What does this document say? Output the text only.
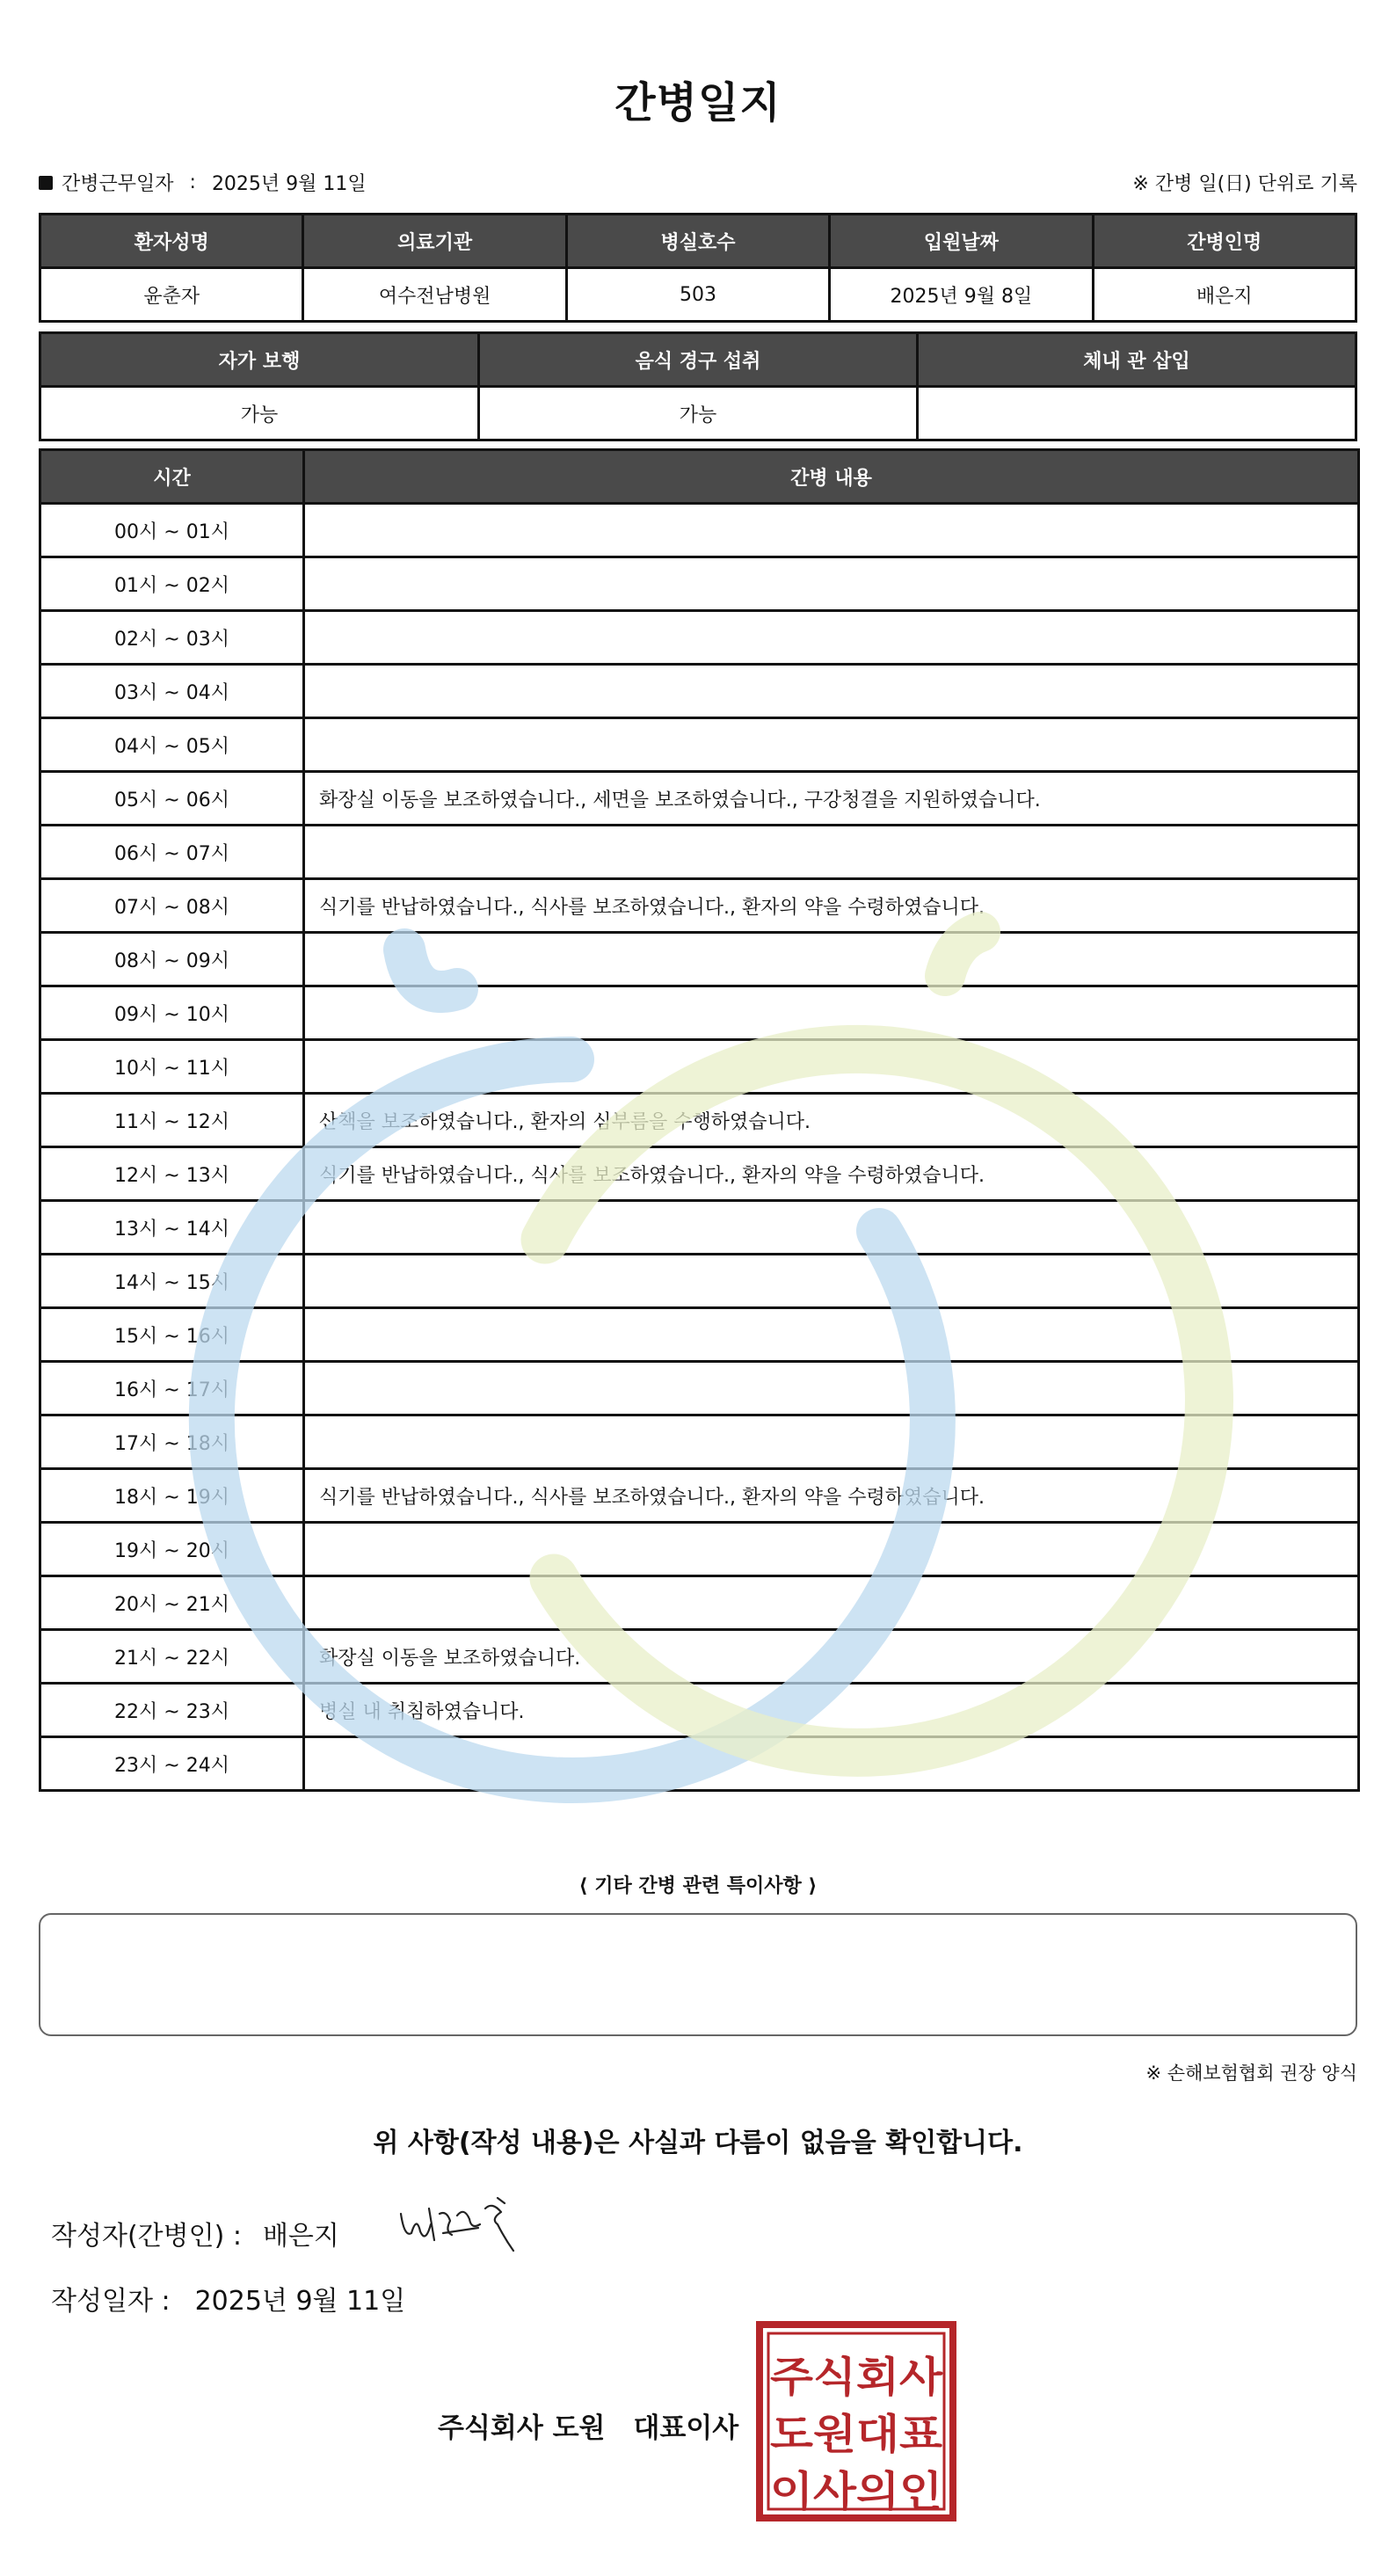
간병일지
간병근무일자 : 2025년 9월 11일	※ 간병 일(日) 단위로 기록
환자성명	의료기관	병실호수	입원날짜	간병인명
윤춘자	여수전남병원	503	2025년 9월 8일	배은지
자가 보행	음식 경구 섭취	체내 관 삽입
가능	가능	
시간	간병 내용
00시 ~ 01시	
01시 ~ 02시	
02시 ~ 03시	
03시 ~ 04시	
04시 ~ 05시	
05시 ~ 06시	화장실 이동을 보조하였습니다., 세면을 보조하였습니다., 구강청결을 지원하였습니다.
06시 ~ 07시	
07시 ~ 08시	식기를 반납하였습니다., 식사를 보조하였습니다., 환자의 약을 수령하였습니다.
08시 ~ 09시	
09시 ~ 10시	
10시 ~ 11시	
11시 ~ 12시	산책을 보조하였습니다., 환자의 심부름을 수행하였습니다.
12시 ~ 13시	식기를 반납하였습니다., 식사를 보조하였습니다., 환자의 약을 수령하였습니다.
13시 ~ 14시	
14시 ~ 15시	
15시 ~ 16시	
16시 ~ 17시	
17시 ~ 18시	
18시 ~ 19시	식기를 반납하였습니다., 식사를 보조하였습니다., 환자의 약을 수령하였습니다.
19시 ~ 20시	
20시 ~ 21시	
21시 ~ 22시	화장실 이동을 보조하였습니다.
22시 ~ 23시	병실 내 취침하였습니다.
23시 ~ 24시	
⟨ 기타 간병 관련 특이사항 ⟩
※ 손해보험협회 권장 양식
위 사항(작성 내용)은 사실과 다름이 없음을 확인합니다.
작성자(간병인) : 배은지
작성일자 : 2025년 9월 11일
주식회사 도원 대표이사
주식회사
도원대표
이사의인
